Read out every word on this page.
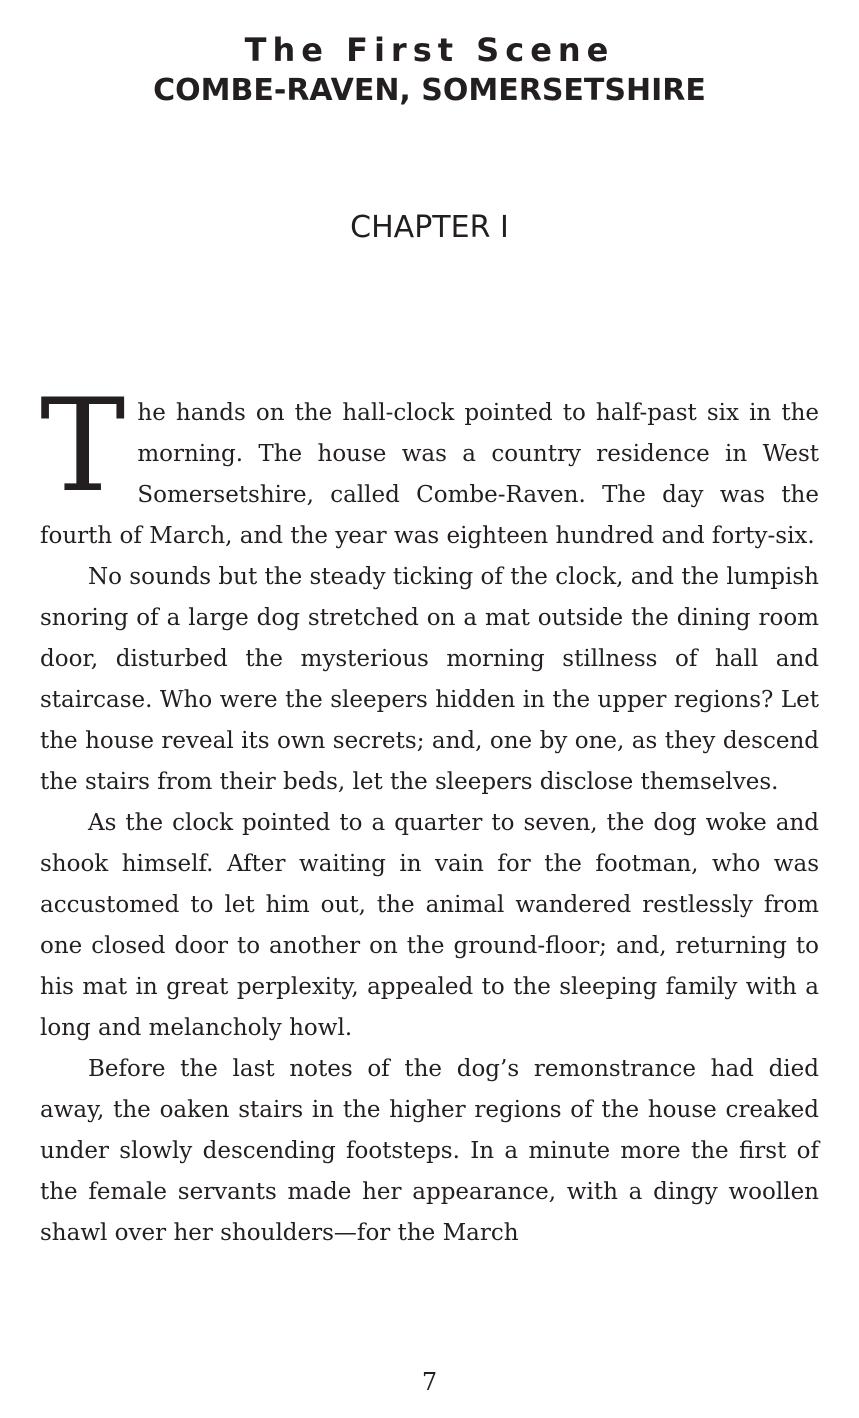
The First Scene
COMBE-RAVEN, SOMERSETSHIRE
CHAPTER I

The hands on the hall-clock pointed to half-past six in the morning. The house was a country residence in West Somersetshire, called Combe-Raven. The day was the fourth of March, and the year was eighteen hundred and forty-six.

No sounds but the steady ticking of the clock, and the lumpish snoring of a large dog stretched on a mat outside the dining room door, disturbed the mysterious morning stillness of hall and staircase. Who were the sleepers hidden in the upper regions? Let the house reveal its own secrets; and, one by one, as they descend the stairs from their beds, let the sleepers disclose themselves.

As the clock pointed to a quarter to seven, the dog woke and shook himself. After waiting in vain for the footman, who was accustomed to let him out, the animal wandered restlessly from one closed door to another on the ground-floor; and, returning to his mat in great perplexity, appealed to the sleeping family with a long and melancholy howl.

Before the last notes of the dog’s remonstrance had died away, the oaken stairs in the higher regions of the house creaked under slowly descending footsteps. In a minute more the first of the female servants made her appearance, with a dingy woollen shawl over her shoulders—for the March

7
